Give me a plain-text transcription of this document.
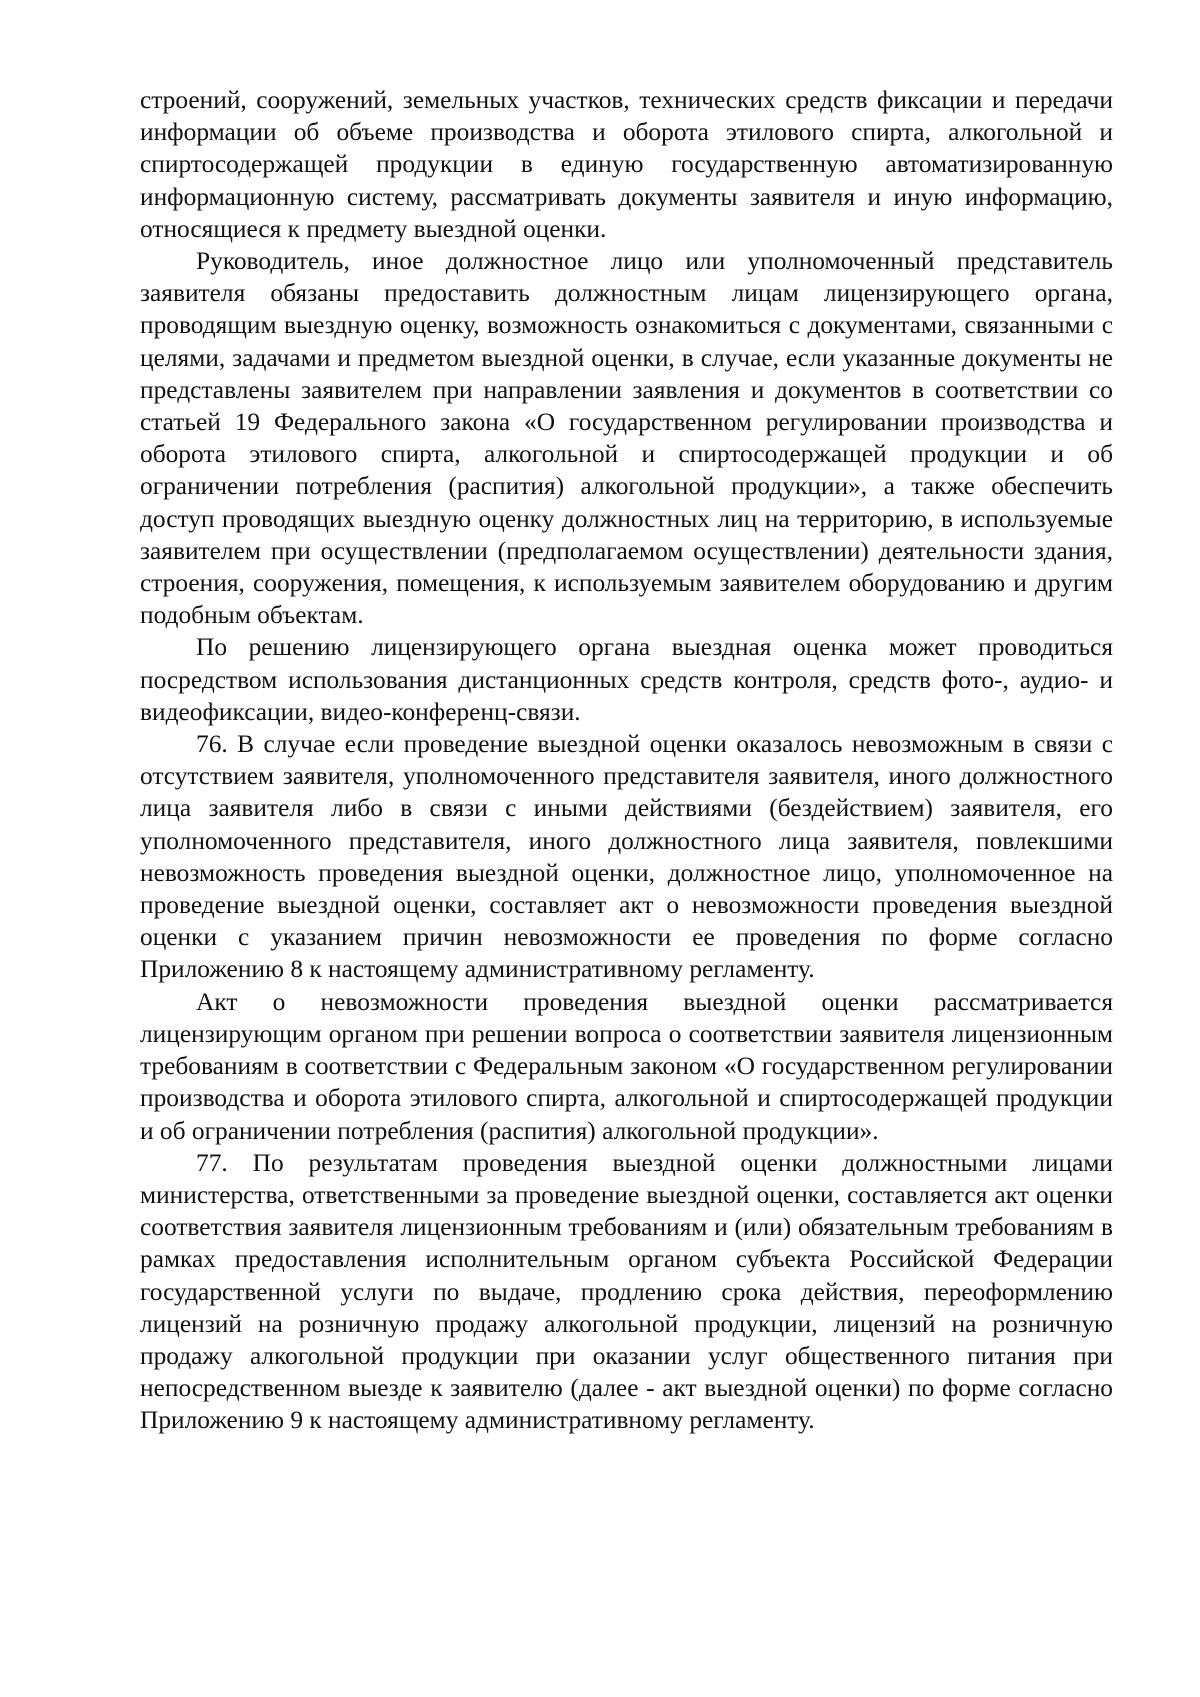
строений, сооружений, земельных участков, технических средств фиксации и передачи информации об объеме производства и оборота этилового спирта, алкогольной и спиртосодержащей продукции в единую государственную автоматизированную информационную систему, рассматривать документы заявителя и иную информацию, относящиеся к предмету выездной оценки.

Руководитель, иное должностное лицо или уполномоченный представитель заявителя обязаны предоставить должностным лицам лицензирующего органа, проводящим выездную оценку, возможность ознакомиться с документами, связанными с целями, задачами и предметом выездной оценки, в случае, если указанные документы не представлены заявителем при направлении заявления и документов в соответствии со статьей 19 Федерального закона «О государственном регулировании производства и оборота этилового спирта, алкогольной и спиртосодержащей продукции и об ограничении потребления (распития) алкогольной продукции», а также обеспечить доступ проводящих выездную оценку должностных лиц на территорию, в используемые заявителем при осуществлении (предполагаемом осуществлении) деятельности здания, строения, сооружения, помещения, к используемым заявителем оборудованию и другим подобным объектам.

По решению лицензирующего органа выездная оценка может проводиться посредством использования дистанционных средств контроля, средств фото-, аудио- и видеофиксации, видео-конференц-связи.

76. В случае если проведение выездной оценки оказалось невозможным в связи с отсутствием заявителя, уполномоченного представителя заявителя, иного должностного лица заявителя либо в связи с иными действиями (бездействием) заявителя, его уполномоченного представителя, иного должностного лица заявителя, повлекшими невозможность проведения выездной оценки, должностное лицо, уполномоченное на проведение выездной оценки, составляет акт о невозможности проведения выездной оценки с указанием причин невозможности ее проведения по форме согласно Приложению 8 к настоящему административному регламенту.

Акт о невозможности проведения выездной оценки рассматривается лицензирующим органом при решении вопроса о соответствии заявителя лицензионным требованиям в соответствии с Федеральным законом «О государственном регулировании производства и оборота этилового спирта, алкогольной и спиртосодержащей продукции и об ограничении потребления (распития) алкогольной продукции».

77. По результатам проведения выездной оценки должностными лицами министерства, ответственными за проведение выездной оценки, составляется акт оценки соответствия заявителя лицензионным требованиям и (или) обязательным требованиям в рамках предоставления исполнительным органом субъекта Российской Федерации государственной услуги по выдаче, продлению срока действия, переоформлению лицензий на розничную продажу алкогольной продукции, лицензий на розничную продажу алкогольной продукции при оказании услуг общественного питания при непосредственном выезде к заявителю (далее - акт выездной оценки) по форме согласно Приложению 9 к настоящему административному регламенту.
